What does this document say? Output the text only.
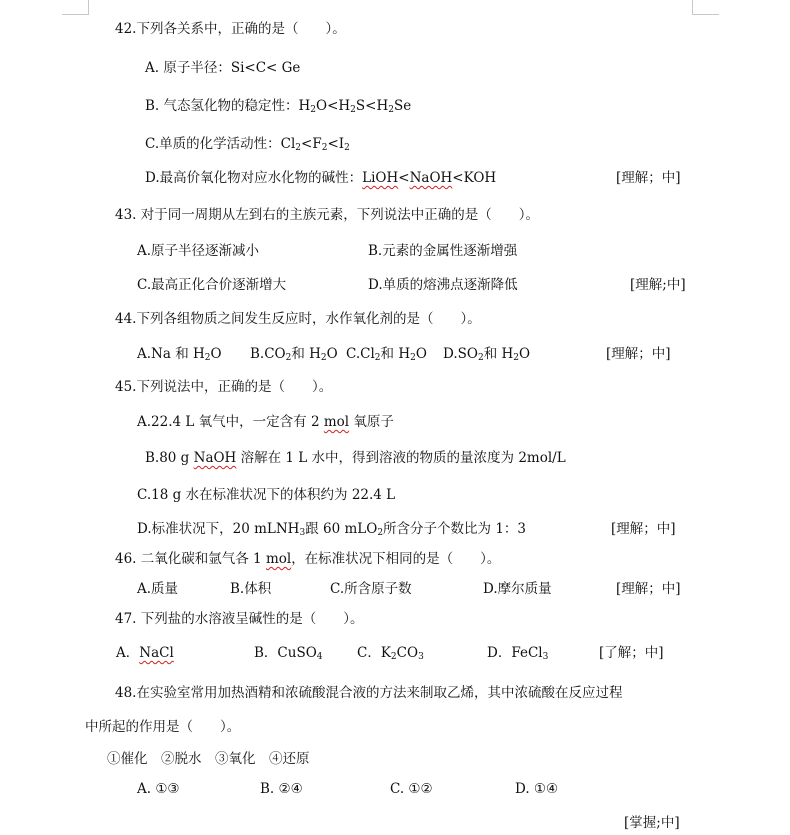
42.下列各关系中，正确的是（　　）。
A. 原子半径：Si<C< Ge
B. 气态氢化物的稳定性：$H_2O<H_2S<H_2Se$
C.单质的化学活动性：$Cl_2<F_2<I_2$
D.最高价氧化物对应水化物的碱性：LiOH<NaOH<KOH	[理解；中]
43. 对于同一周期从左到右的主族元素，下列说法中正确的是（　　）。
A.原子半径逐渐减小	B.元素的金属性逐渐增强
C.最高正化合价逐渐增大	D.单质的熔沸点逐渐降低	[理解;中]
44.下列各组物质之间发生反应时，水作氧化剂的是（　　）。
A.Na 和 $H_2O$ $B.CO_2$和 $H_2O$ $C.Cl_2$和 $H_2O$ $D.SO_2$和 $H_2O$	[理解；中]
45.下列说法中，正确的是（　　）。
A.22.4 L 氧气中，一定含有 2 mol 氧原子
B.80 g NaOH 溶解在 1 L 水中，得到溶液的物质的量浓度为 2mol/L
C.18 g 水在标准状况下的体积约为 22.4 L
D.标准状况下，20 mLNH$_3$跟 60 mLO$_2$所含分子个数比为 1：3	[理解；中]
46. 二氧化碳和氩气各 1 mol，在标准状况下相同的是（　　）。
A.质量	B.体积	C.所含原子数	D.摩尔质量	[理解；中]
47. 下列盐的水溶液呈碱性的是（　　）。
A．NaCl	B．CuSO$_4$	C．$K_2CO_3$	D．FeCl$_3$	[了解；中]
48.在实验室常用加热酒精和浓硫酸混合液的方法来制取乙烯，其中浓硫酸在反应过程
中所起的作用是（　　）。
①催化　②脱水　③氧化　④还原
A. ①③	B. ②④	C. ①②	D. ①④
[掌握;中]
